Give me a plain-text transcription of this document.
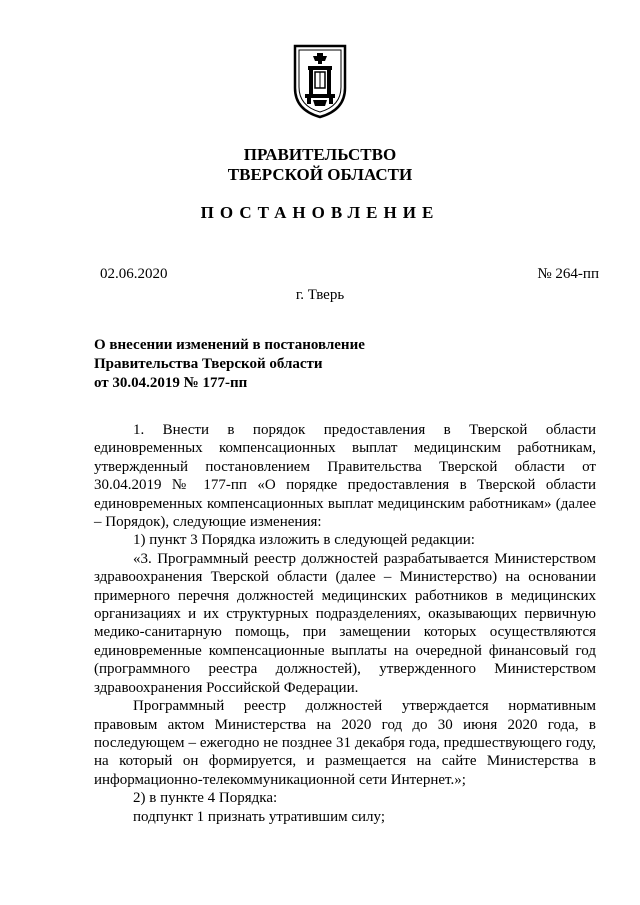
ПРАВИТЕЛЬСТВО
ТВЕРСКОЙ ОБЛАСТИ
ПОСТАНОВЛЕНИЕ
02.06.2020	№ 264-пп
г. Тверь
О внесении изменений в постановление
Правительства Тверской области
от 30.04.2019 № 177-пп

1. Внести в порядок предоставления в Тверской области единовременных компенсационных выплат медицинским работникам, утвержденный постановлением Правительства Тверской области от 30.04.2019 № 177-пп «О порядке предоставления в Тверской области единовременных компенсационных выплат медицинским работникам» (далее – Порядок), следующие изменения:

1) пункт 3 Порядка изложить в следующей редакции:

«3. Программный реестр должностей разрабатывается Министерством здравоохранения Тверской области (далее – Министерство) на основании примерного перечня должностей медицинских работников в медицинских организациях и их структурных подразделениях, оказывающих первичную медико-санитарную помощь, при замещении которых осуществляются единовременные компенсационные выплаты на очередной финансовый год (программного реестра должностей), утвержденного Министерством здравоохранения Российской Федерации.

Программный реестр должностей утверждается нормативным правовым актом Министерства на 2020 год до 30 июня 2020 года, в последующем – ежегодно не позднее 31 декабря года, предшествующего году, на который он формируется, и размещается на сайте Министерства в информационно-телекоммуникационной сети Интернет.»;

2) в пункте 4 Порядка:

подпункт 1 признать утратившим силу;
